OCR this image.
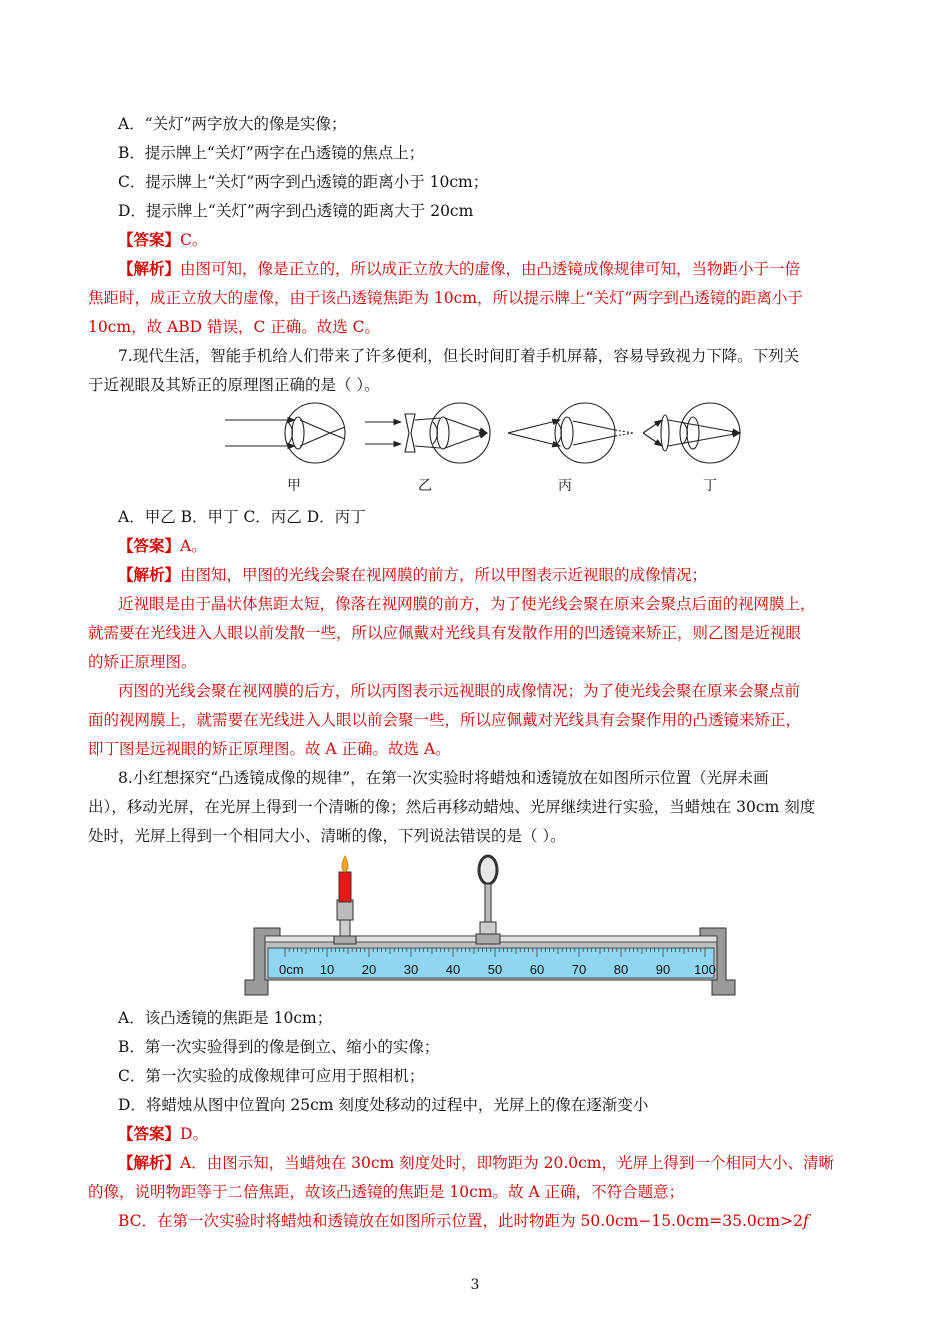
A．“关灯”两字放大的像是实像；
B．提示牌上“关灯”两字在凸透镜的焦点上；
C．提示牌上“关灯”两字到凸透镜的距离小于 10cm；
D．提示牌上“关灯”两字到凸透镜的距离大于 20cm
【答案】C。
【解析】由图可知，像是正立的，所以成正立放大的虚像，由凸透镜成像规律可知，当物距小于一倍
焦距时，成正立放大的虚像，由于该凸透镜焦距为 10cm，所以提示牌上“关灯”两字到凸透镜的距离小于
10cm，故 ABD 错误，C 正确。故选 C。
7.现代生活，智能手机给人们带来了许多便利，但长时间盯着手机屏幕，容易导致视力下降。下列关
于近视眼及其矫正的原理图正确的是（ ）。
甲	乙	丙	丁
A．甲乙 B．甲丁 C．丙乙 D．丙丁
【答案】A。
【解析】由图知，甲图的光线会聚在视网膜的前方，所以甲图表示近视眼的成像情况；
近视眼是由于晶状体焦距太短，像落在视网膜的前方，为了使光线会聚在原来会聚点后面的视网膜上，
就需要在光线进入人眼以前发散一些，所以应佩戴对光线具有发散作用的凹透镜来矫正，则乙图是近视眼
的矫正原理图。
丙图的光线会聚在视网膜的后方，所以丙图表示远视眼的成像情况；为了使光线会聚在原来会聚点前
面的视网膜上，就需要在光线进入人眼以前会聚一些，所以应佩戴对光线具有会聚作用的凸透镜来矫正，
即丁图是远视眼的矫正原理图。故 A 正确。故选 A。
8.小红想探究“凸透镜成像的规律”，在第一次实验时将蜡烛和透镜放在如图所示位置（光屏未画
出），移动光屏，在光屏上得到一个清晰的像；然后再移动蜡烛、光屏继续进行实验，当蜡烛在 30cm 刻度
处时，光屏上得到一个相同大小、清晰的像，下列说法错误的是（ ）。
0cm 10 20 30 40 50 60 70 80 90 100
A．该凸透镜的焦距是 10cm；
B．第一次实验得到的像是倒立、缩小的实像；
C．第一次实验的成像规律可应用于照相机；
D．将蜡烛从图中位置向 25cm 刻度处移动的过程中，光屏上的像在逐渐变小
【答案】D。
【解析】A．由图示知，当蜡烛在 30cm 刻度处时，即物距为 20.0cm，光屏上得到一个相同大小、清晰
的像，说明物距等于二倍焦距，故该凸透镜的焦距是 10cm。故 A 正确，不符合题意；
BC．在第一次实验时将蜡烛和透镜放在如图所示位置，此时物距为 50.0cm−15.0cm=35.0cm>2f
3
